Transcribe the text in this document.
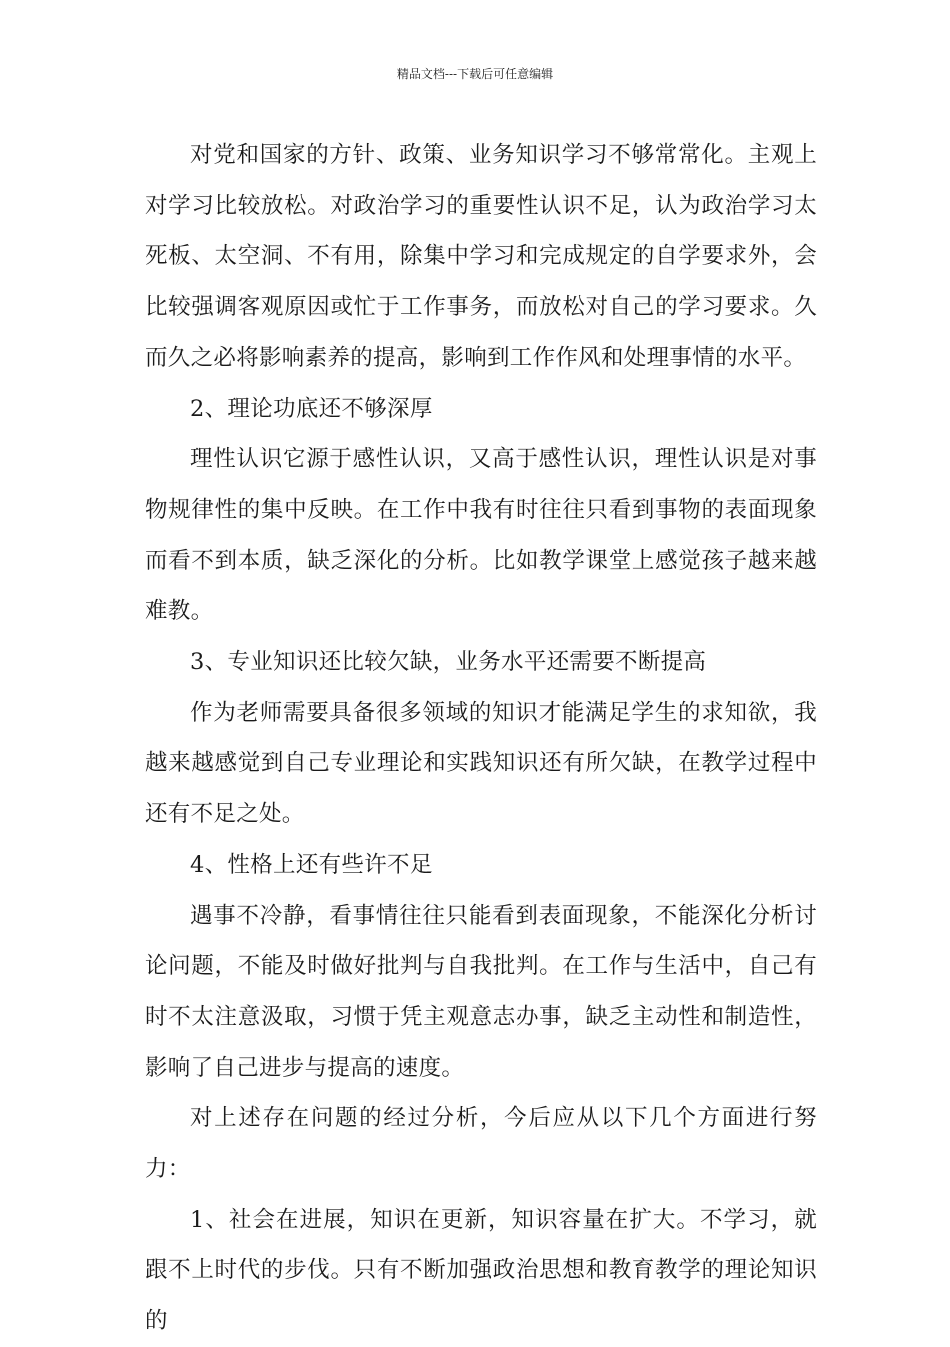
精品文档---下载后可任意编辑

对党和国家的方针、政策、业务知识学习不够常常化。主观上对学习比较放松。对政治学习的重要性认识不足，认为政治学习太死板、太空洞、不有用，除集中学习和完成规定的自学要求外，会比较强调客观原因或忙于工作事务，而放松对自己的学习要求。久而久之必将影响素养的提高，影响到工作作风和处理事情的水平。

2、理论功底还不够深厚

理性认识它源于感性认识，又高于感性认识，理性认识是对事物规律性的集中反映。在工作中我有时往往只看到事物的表面现象而看不到本质，缺乏深化的分析。比如教学课堂上感觉孩子越来越难教。

3、专业知识还比较欠缺，业务水平还需要不断提高

作为老师需要具备很多领域的知识才能满足学生的求知欲，我越来越感觉到自己专业理论和实践知识还有所欠缺，在教学过程中还有不足之处。

4、性格上还有些许不足

遇事不冷静，看事情往往只能看到表面现象，不能深化分析讨论问题，不能及时做好批判与自我批判。在工作与生活中，自己有时不太注意汲取，习惯于凭主观意志办事，缺乏主动性和制造性，影响了自己进步与提高的速度。

对上述存在问题的经过分析，今后应从以下几个方面进行努力：

1、社会在进展，知识在更新，知识容量在扩大。不学习，就跟不上时代的步伐。只有不断加强政治思想和教育教学的理论知识的
